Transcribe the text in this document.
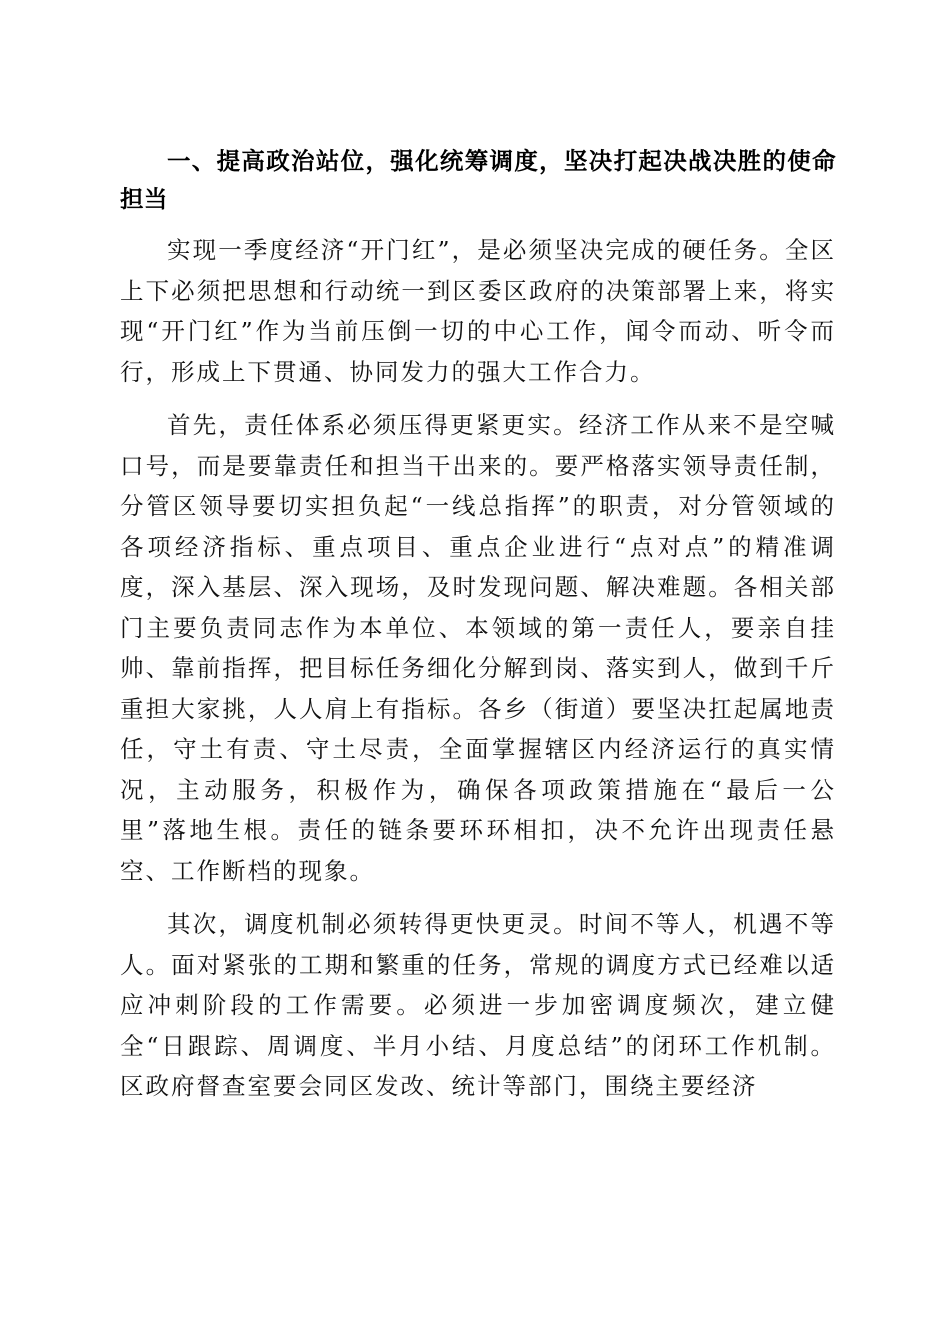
一、提高政治站位，强化统筹调度，坚决打起决战决胜的使命担当

实现一季度经济“开门红”，是必须坚决完成的硬任务。全区上下必须把思想和行动统一到区委区政府的决策部署上来，将实现“开门红”作为当前压倒一切的中心工作，闻令而动、听令而行，形成上下贯通、协同发力的强大工作合力。

首先，责任体系必须压得更紧更实。经济工作从来不是空喊口号，而是要靠责任和担当干出来的。要严格落实领导责任制，分管区领导要切实担负起“一线总指挥”的职责，对分管领域的各项经济指标、重点项目、重点企业进行“点对点”的精准调度，深入基层、深入现场，及时发现问题、解决难题。各相关部门主要负责同志作为本单位、本领域的第一责任人，要亲自挂帅、靠前指挥，把目标任务细化分解到岗、落实到人，做到千斤重担大家挑，人人肩上有指标。各乡（街道）要坚决扛起属地责任，守土有责、守土尽责，全面掌握辖区内经济运行的真实情况，主动服务，积极作为，确保各项政策措施在“最后一公里”落地生根。责任的链条要环环相扣，决不允许出现责任悬空、工作断档的现象。

其次，调度机制必须转得更快更灵。时间不等人，机遇不等人。面对紧张的工期和繁重的任务，常规的调度方式已经难以适应冲刺阶段的工作需要。必须进一步加密调度频次，建立健全“日跟踪、周调度、半月小结、月度总结”的闭环工作机制。区政府督查室要会同区发改、统计等部门，围绕主要经济
